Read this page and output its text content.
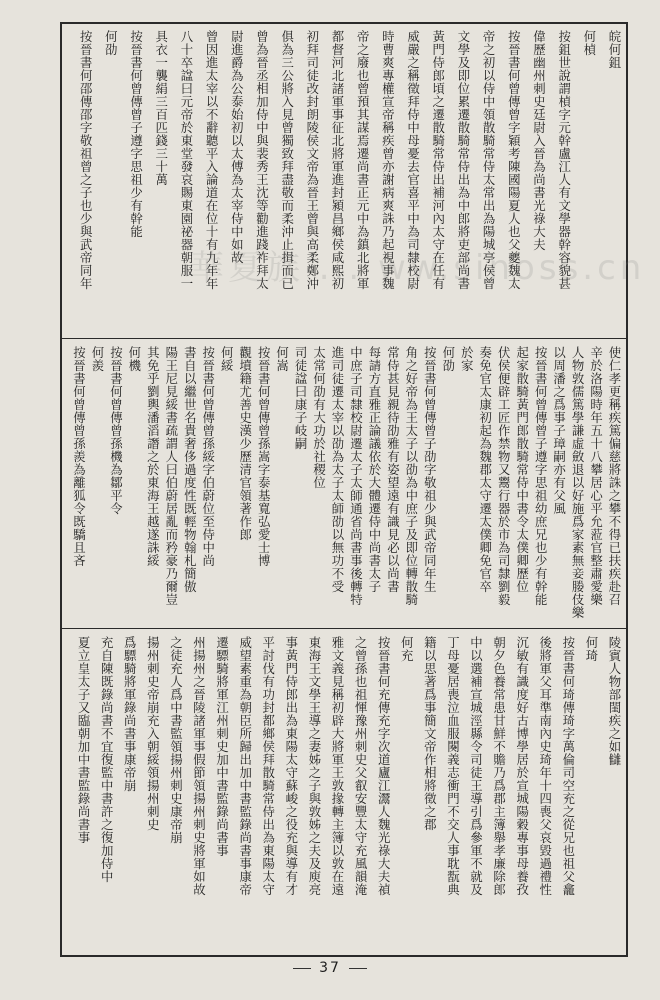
皖何鉏
何楨
按鉏世說謂楨字元幹盧江人有文學器幹容貌甚
偉歷幽州刺史廷尉入晉為尚書光祿大夫
按晉書何曾傳曾字穎考陳國陽夏人也父夔魏太
帝之初以侍中領散騎常侍太常出為陽城亭侯曾
文學及即位累遷散騎常侍出為中郎將吏部尚書
黃門侍郎頃之遷散騎常侍出補河內太守在任有
威嚴之稱徵拜侍中母憂去官喜平中為司隸校尉
時曹爽專權宣帝稱疾曾亦謝病爽誅乃起視事魏
帝之廢也曾預其謀焉遷尚書正元中為鎮北將軍
都督河北諸軍事征北將軍進封潁昌鄉侯咸熙初
初拜司徒改封朗陵侯文帝為晉王曾與高柔鄭沖
俱為三公將入見曾獨致拜盡敬而柔沖止揖而已
曾為晉丞相加侍中與裴秀王沈等勸進踐祚拜太
尉進爵為公泰始初以太傅為太宰侍中如故
曾因進太宰以不辭聽平入論道在位十有九年年
八十卒諡曰元帝於東堂發哀賜東園祕器朝服一
具衣一襲絹三百匹錢三十萬
按晉書何曾傳曾子遵字思祖少有幹能
何劭
按晉書何邵傳邵字敬祖曾之子也少與武帝同年
使仁孝更稱疾篤偏慈將誅之攀不得已扶疾赴召
辛於洛陽時年五十八攀居心平允蒞官整肅愛樂
人物敦儒篤學謙虛斂退以好施爲家素無妾媵伎樂
以周潘之爲事子璋嗣亦有父風
按晉書何曾傳曾子遵字思祖幼庶兄也少有幹能
起家散騎黃門郎散騎常侍中書令太僕卿歷位
伏侯便辟工匠作禁物又鬻行器於市為司隸劉毅
奏免官太康初起為魏郡太守遷太僕卿免官卒
於家
何劭
按晉書何曾傳曾子劭字敬祖少與武帝同年生
角之好帝為王太子以劭為中庶子及即位轉散騎
常侍甚見親待劭雅有姿望遠有識見必以尚書
每請方直雅正論議依於大體遷侍中尚書太子
中庶子司隸校尉遷太子太師通省尚書事後轉特
進司徒遷太宰以劭為太子太師劭以無功不受
太常何劭有大功於社稷位
司徒諡曰康子岐嗣
何嵩
按晉書何曾傳曾孫嵩字泰基寬弘愛士博
觀墳籍尤善史漢少歷清官領著作郎
何綏
按晉書何曾傳曾孫綏字伯蔚位至侍中尚
書自以繼世名貴奢侈過度性既輕物翰札簡傲
陽王尼見綏書疏謂人曰伯蔚居亂而矜豪乃爾豈
其免乎劉輿潘滔譖之於東海王越遂誅綏
何機
按晉書何曾傳曾孫機為鄒平令
何羨
按晉書何曾傳曾孫羨為離狐令既驕且吝
陵賓人物部閨疾之如讎
何琦
按晉書何琦傳琦字萬倫司空充之從兄也祖父龕
後將軍父耳準南內史琦年十四喪父哀毀過禮性
沉敏有識度好古博學居於宣城陽穀專事母養孜
朝夕色養常患甘鮮不贍乃爲郡主簿舉孝廉除郎
中以選補宣城涇縣令司徒王導引爲參軍不就及
丁母憂居喪泣血服闋義志衝門不交人事耽翫典
籍以思著爲事簡文帝作相將徵之郡
何充
按晉書何充傳充字次道廬江灊人魏光祿大夫禎
之曾孫也祖惲豫州刺史父叡安豐太守充風韻淹
雅文義見稱初辟大將軍王敦掾轉主簿以敦在遠
東海王文學王導之妻姊之子與敦姊之夫及庾亮
事黃門侍郎出為東陽太守蘇峻之役充與導有才
平討伐有功封都鄉侯拜散騎常侍出為東陽太守
威望素重為朝臣所歸出加中書監錄尚書事康帝
遷驃騎將軍江州刺史加中書監錄尚書事
州揚州之晉陵諸軍事假節領揚州刺史將軍如故
之徒充人爲中書監領揚州刺史康帝崩
揚州刺史帝崩充入朝綏領揚州刺史
爲驃騎將軍錄尚書事康帝崩
充自陳既錄尚書不宜復監中書許之復加侍中
夏立皇太子又臨朝加中書監錄尚書事
華夏族 ... ww.sinoss.cn
37
